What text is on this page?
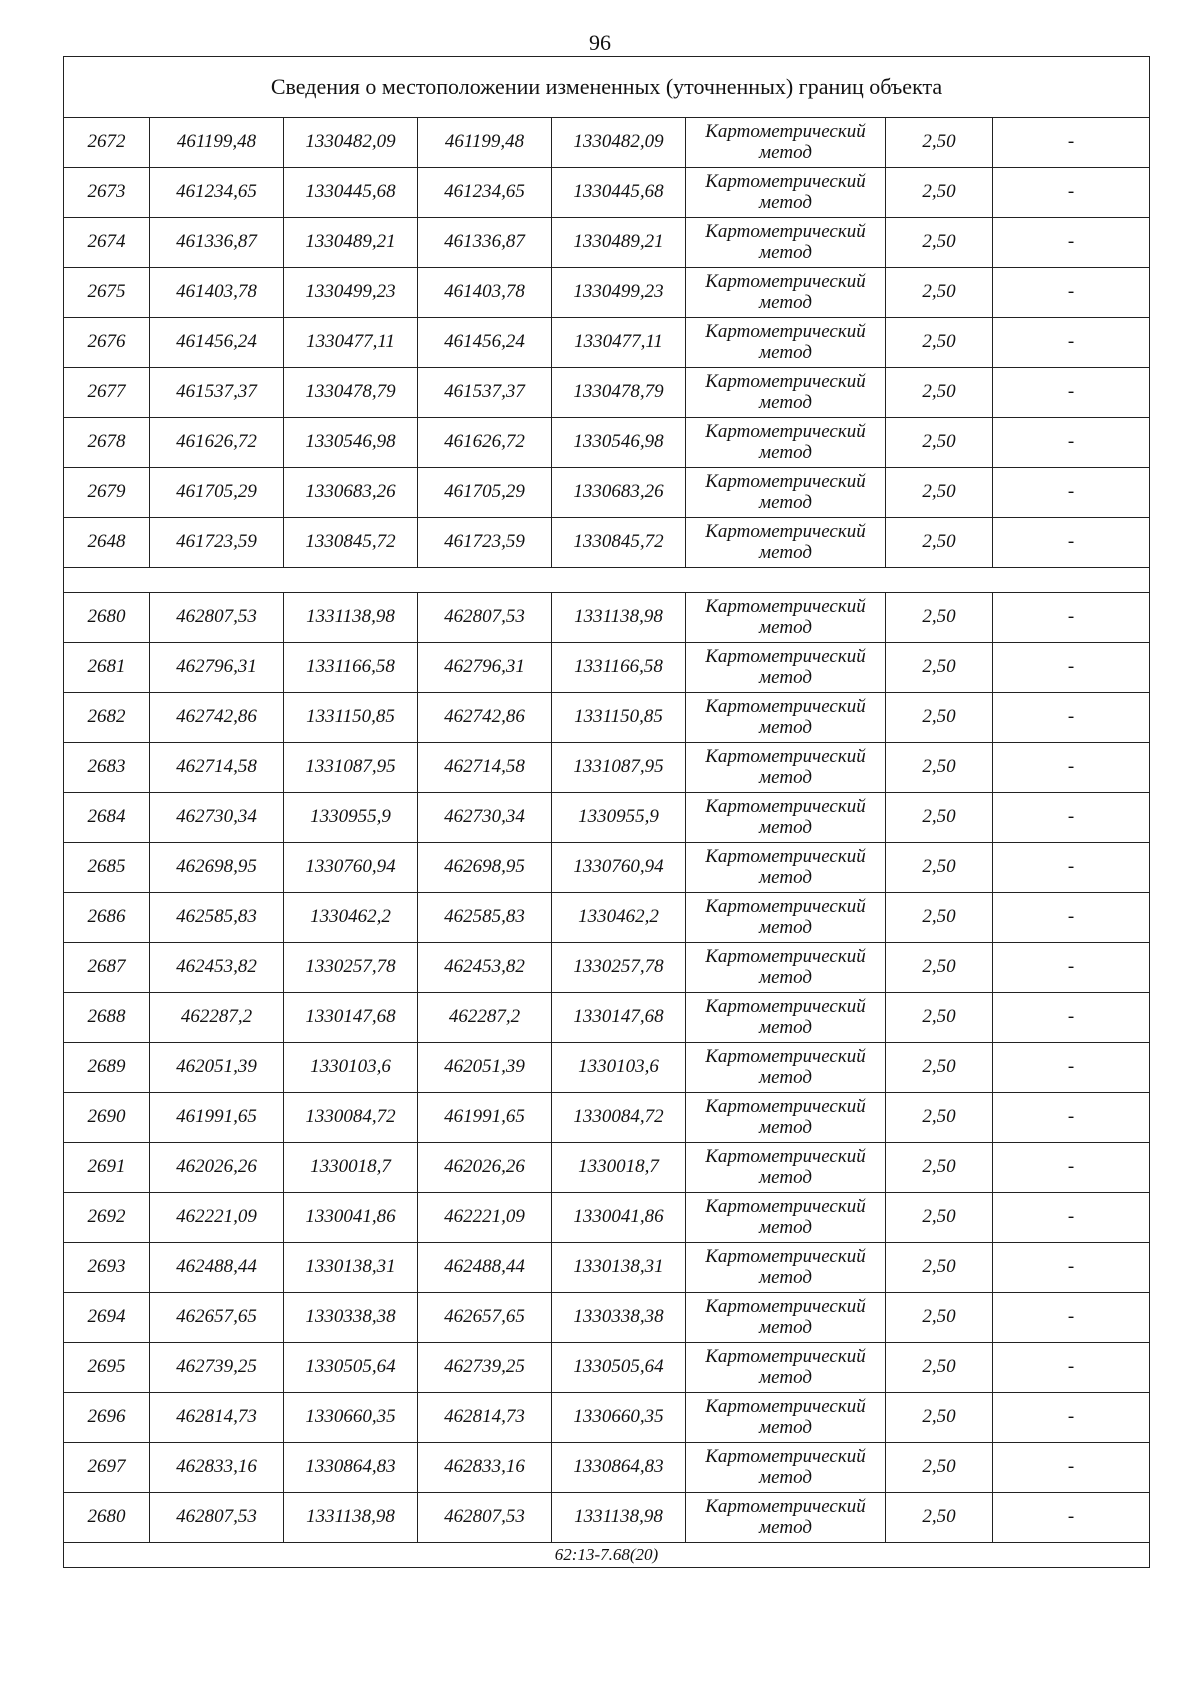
96
Сведения о местоположении измененных (уточненных) границ объекта							
2672	461199,48	1330482,09	461199,48	1330482,09	Картометрический
метод	2,50	-
2673	461234,65	1330445,68	461234,65	1330445,68	Картометрический
метод	2,50	-
2674	461336,87	1330489,21	461336,87	1330489,21	Картометрический
метод	2,50	-
2675	461403,78	1330499,23	461403,78	1330499,23	Картометрический
метод	2,50	-
2676	461456,24	1330477,11	461456,24	1330477,11	Картометрический
метод	2,50	-
2677	461537,37	1330478,79	461537,37	1330478,79	Картометрический
метод	2,50	-
2678	461626,72	1330546,98	461626,72	1330546,98	Картометрический
метод	2,50	-
2679	461705,29	1330683,26	461705,29	1330683,26	Картометрический
метод	2,50	-
2648	461723,59	1330845,72	461723,59	1330845,72	Картометрический
метод	2,50	-

2680	462807,53	1331138,98	462807,53	1331138,98	Картометрический
метод	2,50	-
2681	462796,31	1331166,58	462796,31	1331166,58	Картометрический
метод	2,50	-
2682	462742,86	1331150,85	462742,86	1331150,85	Картометрический
метод	2,50	-
2683	462714,58	1331087,95	462714,58	1331087,95	Картометрический
метод	2,50	-
2684	462730,34	1330955,9	462730,34	1330955,9	Картометрический
метод	2,50	-
2685	462698,95	1330760,94	462698,95	1330760,94	Картометрический
метод	2,50	-
2686	462585,83	1330462,2	462585,83	1330462,2	Картометрический
метод	2,50	-
2687	462453,82	1330257,78	462453,82	1330257,78	Картометрический
метод	2,50	-
2688	462287,2	1330147,68	462287,2	1330147,68	Картометрический
метод	2,50	-
2689	462051,39	1330103,6	462051,39	1330103,6	Картометрический
метод	2,50	-
2690	461991,65	1330084,72	461991,65	1330084,72	Картометрический
метод	2,50	-
2691	462026,26	1330018,7	462026,26	1330018,7	Картометрический
метод	2,50	-
2692	462221,09	1330041,86	462221,09	1330041,86	Картометрический
метод	2,50	-
2693	462488,44	1330138,31	462488,44	1330138,31	Картометрический
метод	2,50	-
2694	462657,65	1330338,38	462657,65	1330338,38	Картометрический
метод	2,50	-
2695	462739,25	1330505,64	462739,25	1330505,64	Картометрический
метод	2,50	-
2696	462814,73	1330660,35	462814,73	1330660,35	Картометрический
метод	2,50	-
2697	462833,16	1330864,83	462833,16	1330864,83	Картометрический
метод	2,50	-
2680	462807,53	1331138,98	462807,53	1331138,98	Картометрический
метод	2,50	-
62:13-7.68(20)							
